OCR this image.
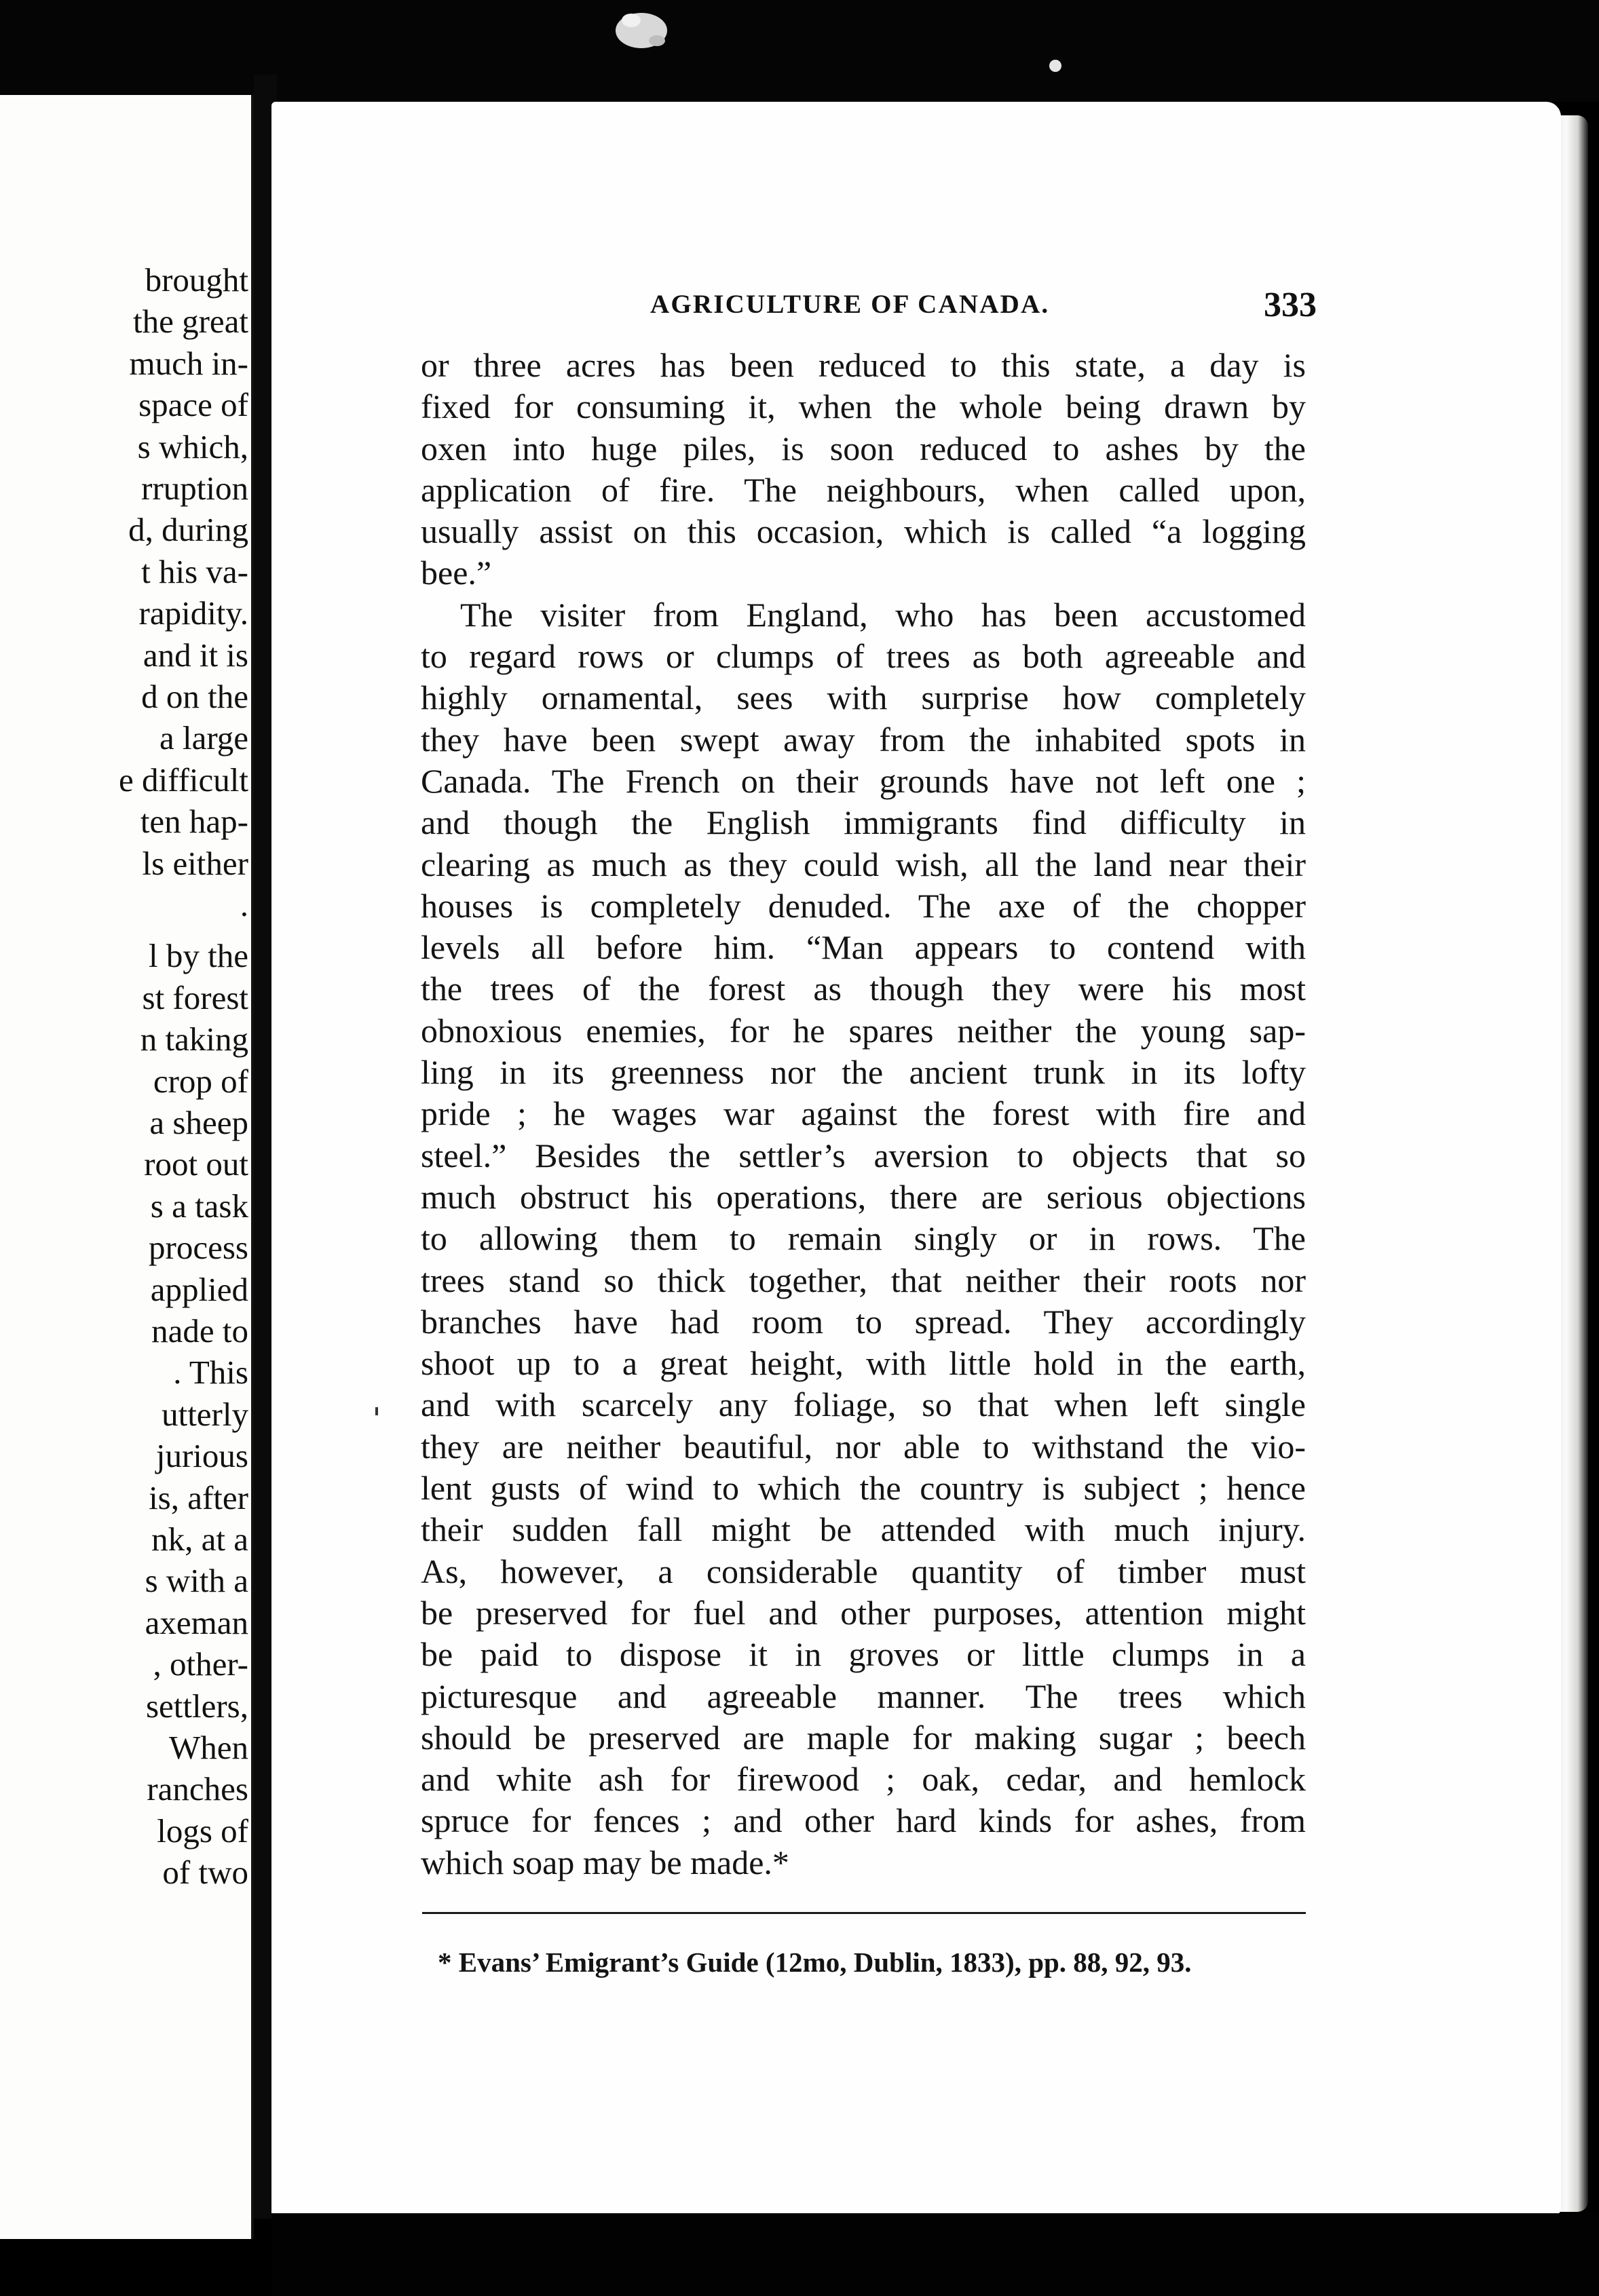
brought
the great
much in-
space of
s which,
rruption
d, during
t his va-
rapidity.
and it is
d on the
a large
e difficult
ten hap-
ls either
.
l by the
st forest
n taking
crop of
a sheep
root out
s a task
process
applied
nade to
. This
utterly
jurious
is, after
nk, at a
s with a
axeman
, other-
settlers,
When
ranches
logs of
of two
AGRICULTURE OF CANADA.	333
or three acres has been reduced to this state, a day is
fixed for consuming it, when the whole being drawn by
oxen into huge piles, is soon reduced to ashes by the
application of fire. The neighbours, when called upon,
usually assist on this occasion, which is called “a logging
bee.”
The visiter from England, who has been accustomed
to regard rows or clumps of trees as both agreeable and
highly ornamental, sees with surprise how completely
they have been swept away from the inhabited spots in
Canada. The French on their grounds have not left one ;
and though the English immigrants find difficulty in
clearing as much as they could wish, all the land near their
houses is completely denuded. The axe of the chopper
levels all before him. “Man appears to contend with
the trees of the forest as though they were his most
obnoxious enemies, for he spares neither the young sap-
ling in its greenness nor the ancient trunk in its lofty
pride ; he wages war against the forest with fire and
steel.” Besides the settler’s aversion to objects that so
much obstruct his operations, there are serious objections
to allowing them to remain singly or in rows. The
trees stand so thick together, that neither their roots nor
branches have had room to spread. They accordingly
shoot up to a great height, with little hold in the earth,
and with scarcely any foliage, so that when left single
they are neither beautiful, nor able to withstand the vio-
lent gusts of wind to which the country is subject ; hence
their sudden fall might be attended with much injury.
As, however, a considerable quantity of timber must
be preserved for fuel and other purposes, attention might
be paid to dispose it in groves or little clumps in a
picturesque and agreeable manner. The trees which
should be preserved are maple for making sugar ; beech
and white ash for firewood ; oak, cedar, and hemlock
spruce for fences ; and other hard kinds for ashes, from
which soap may be made.*
* Evans’ Emigrant’s Guide (12mo, Dublin, 1833), pp. 88, 92, 93.
